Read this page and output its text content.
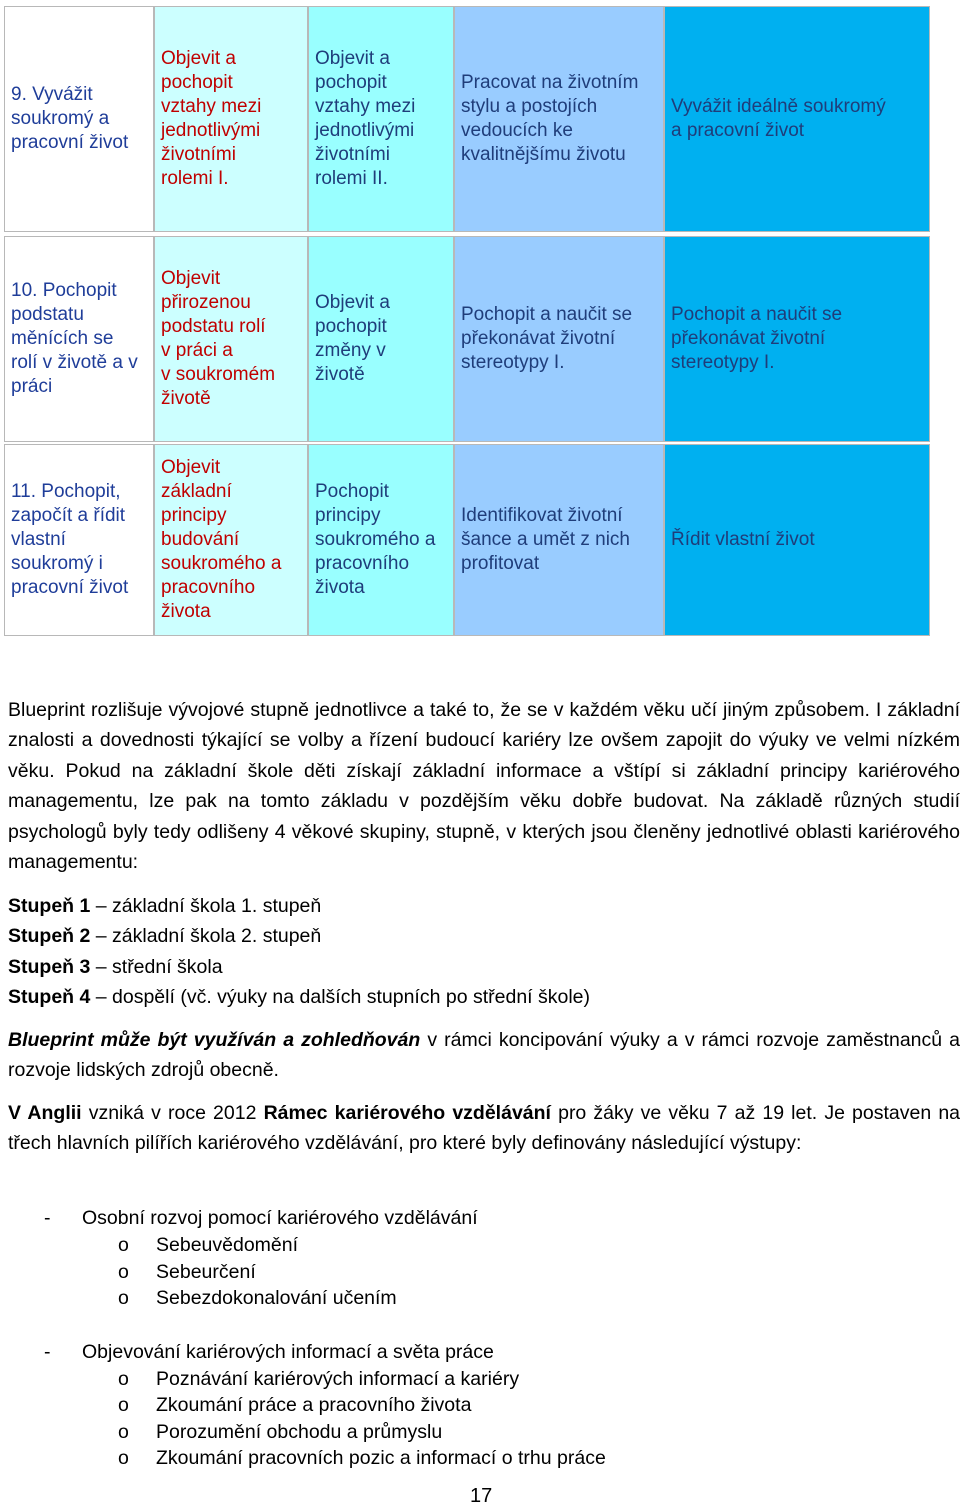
9. Vyvážit
soukromý a
pracovní život
Objevit a
pochopit
vztahy mezi
jednotlivými
životními
rolemi I.
Objevit a
pochopit
vztahy mezi
jednotlivými
životními
rolemi II.
Pracovat na životním
stylu a postojích
vedoucích ke
kvalitnějšímu životu
Vyvážit ideálně soukromý
a pracovní život
10. Pochopit
podstatu
měnících se
rolí v životě a v
práci
Objevit
přirozenou
podstatu rolí
v práci a
v soukromém
životě
Objevit a
pochopit
změny v
životě
Pochopit a naučit se
překonávat životní
stereotypy I.
Pochopit a naučit se
překonávat životní
stereotypy I.
11. Pochopit,
započít a řídit
vlastní
soukromý i
pracovní život
Objevit
základní
principy
budování
soukromého a
pracovního
života
Pochopit
principy
soukromého a
pracovního
života
Identifikovat životní
šance a umět z nich
profitovat
Řídit vlastní život

Blueprint rozlišuje vývojové stupně jednotlivce a také to, že se v každém věku učí jiným způsobem. I základní znalosti a dovednosti týkající se volby a řízení budoucí kariéry lze ovšem zapojit do výuky ve velmi nízkém věku. Pokud na základní škole děti získají základní informace a vštípí si základní principy kariérového managementu, lze pak na tomto základu v pozdějším věku dobře budovat. Na základě různých studií psychologů byly tedy odlišeny 4 věkové skupiny, stupně, v kterých jsou členěny jednotlivé oblasti kariérového managementu:

Stupeň 1 – základní škola 1. stupeň

Stupeň 2 – základní škola 2. stupeň

Stupeň 3 – střední škola

Stupeň 4 – dospělí (vč. výuky na dalších stupních po střední škole)

Blueprint může být využíván a zohledňován v rámci koncipování výuky a v rámci rozvoje zaměstnanců a rozvoje lidských zdrojů obecně.

V Anglii vzniká v roce 2012 Rámec kariérového vzdělávání pro žáky ve věku 7 až 19 let. Je postaven na třech hlavních pilířích kariérového vzdělávání, pro které byly definovány následující výstupy:

- Osobní rozvoj pomocí kariérového vzdělávání
o Sebeuvědomění
o Sebeurčení
o Sebezdokonalování učením
- Objevování kariérových informací a světa práce
o Poznávání kariérových informací a kariéry
o Zkoumání práce a pracovního života
o Porozumění obchodu a průmyslu
o Zkoumání pracovních pozic a informací o trhu práce
17
